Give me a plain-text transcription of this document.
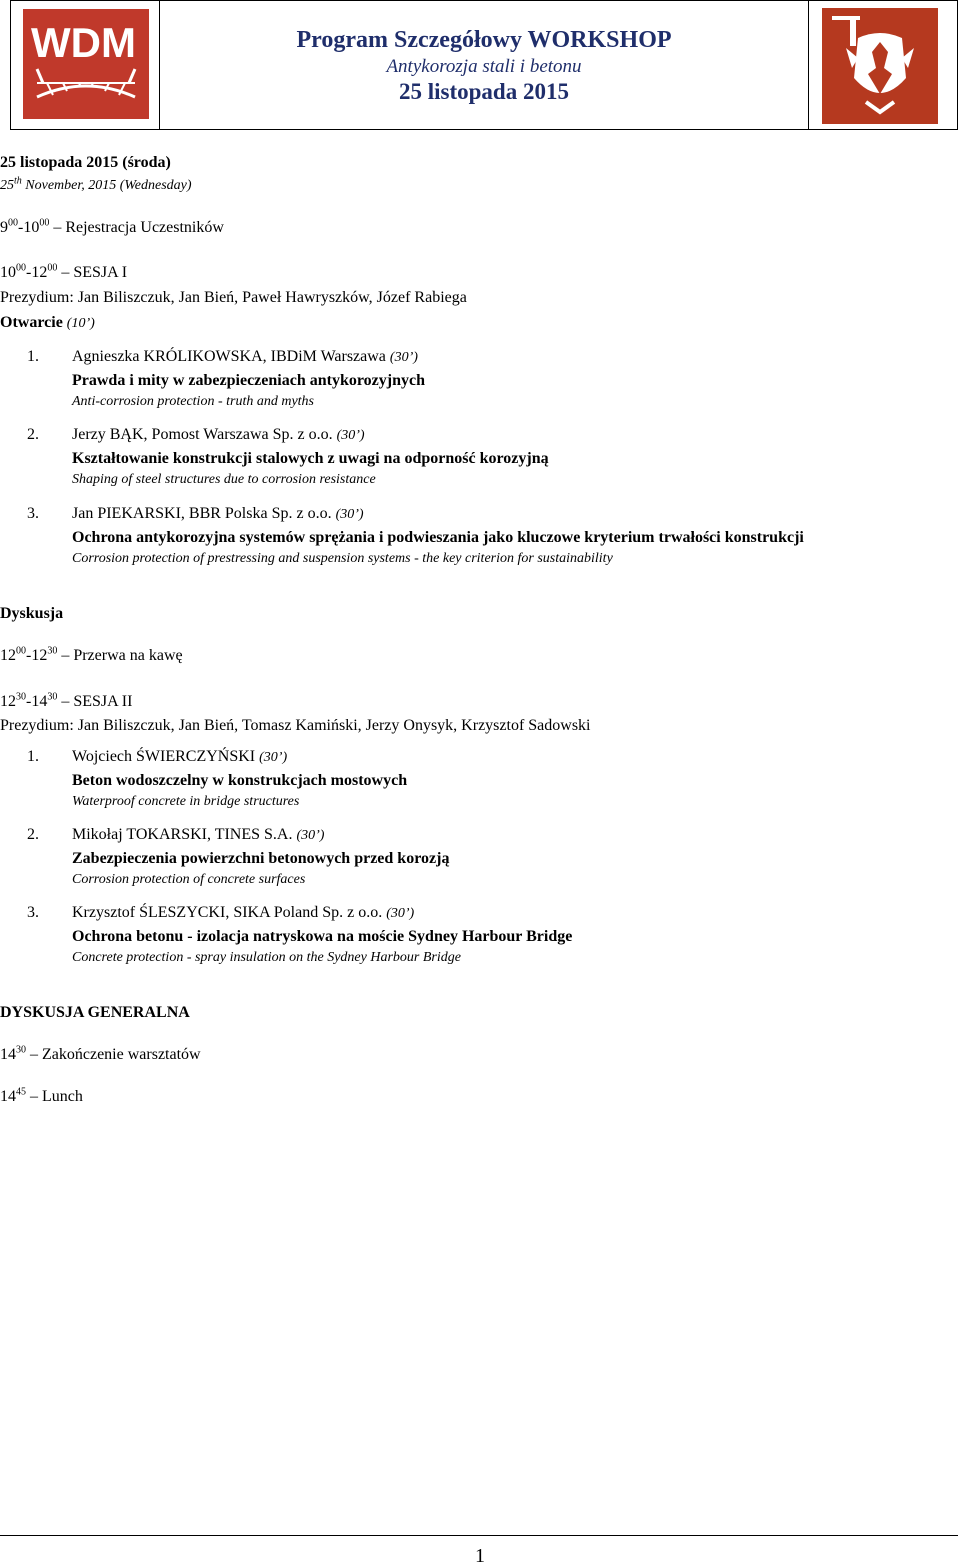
WDM	Program Szczegółowy WORKSHOP
Antykorozja stali i betonu
25 listopada 2015
25 listopada 2015 (środa)
25th November, 2015 (Wednesday)
$9^{00}-10^{00}$ – Rejestracja Uczestników
$10^{00}-12^{00}$ – SESJA I
Prezydium: Jan Biliszczuk, Jan Bień, Paweł Hawryszków, Józef Rabiega
Otwarcie (10’)
1. Agnieszka KRÓLIKOWSKA, IBDiM Warszawa (30’)
Prawda i mity w zabezpieczeniach antykorozyjnych
Anti-corrosion protection - truth and myths
2. Jerzy BĄK, Pomost Warszawa Sp. z o.o. (30’)
Kształtowanie konstrukcji stalowych z uwagi na odporność korozyjną
Shaping of steel structures due to corrosion resistance
3. Jan PIEKARSKI, BBR Polska Sp. z o.o. (30’)
Ochrona antykorozyjna systemów sprężania i podwieszania jako kluczowe kryterium trwałości konstrukcji
Corrosion protection of prestressing and suspension systems - the key criterion for sustainability
Dyskusja
$12^{00}-12^{30}$ – Przerwa na kawę
$12^{30}-14^{30}$ – SESJA II
Prezydium: Jan Biliszczuk, Jan Bień, Tomasz Kamiński, Jerzy Onysyk, Krzysztof Sadowski
1. Wojciech ŚWIERCZYŃSKI (30’)
Beton wodoszczelny w konstrukcjach mostowych
Waterproof concrete in bridge structures
2. Mikołaj TOKARSKI, TINES S.A. (30’)
Zabezpieczenia powierzchni betonowych przed korozją
Corrosion protection of concrete surfaces
3. Krzysztof ŚLESZYCKI, SIKA Poland Sp. z o.o. (30’)
Ochrona betonu - izolacja natryskowa na moście Sydney Harbour Bridge
Concrete protection - spray insulation on the Sydney Harbour Bridge
DYSKUSJA GENERALNA
$14^{30}$ – Zakończenie warsztatów
$14^{45}$ – Lunch
1
